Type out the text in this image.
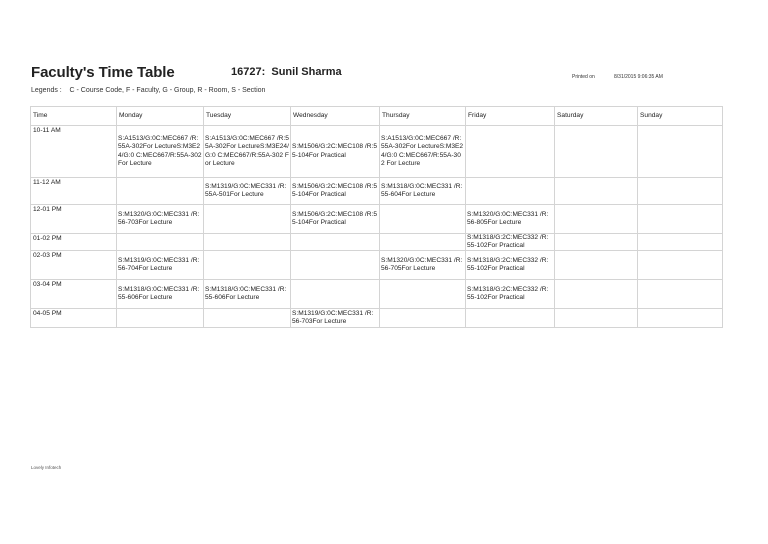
Faculty's Time Table	16727:  Sunil Sharma	Printed on	8/31/2015 9:06:35 AM
Legends :    C - Course Code, F - Faculty, G - Group, R - Room, S - Section
Time	Monday	Tuesday	Wednesday	Thursday	Friday	Saturday	Sunday
10-11 AM	S:A1513/G:0C:MEC667 /R: 55A-302For LectureS:M3E24/G:0 C:MEC667/R:55A-302For Lecture	S:A1513/G:0C:MEC667 /R:55A-302For LectureS:M3E24/G:0 C:MEC667/R:55A-302 For Lecture	S:M1506/G:2C:MEC108 /R:55-104For Practical	S:A1513/G:0C:MEC667 /R:55A-302For LectureS:M3E24/G:0 C:MEC667/R:55A-302 For Lecture			
11-12 AM		S:M1319/G:0C:MEC331 /R:55A-501For Lecture	S:M1506/G:2C:MEC108 /R:55-104For Practical	S:M1318/G:0C:MEC331 /R: 55-604For Lecture			
12-01 PM	S:M1320/G:0C:MEC331 /R:56-703For Lecture		S:M1506/G:2C:MEC108 /R:55-104For Practical		S:M1320/G:0C:MEC331 /R: 56-805For Lecture		
01-02 PM					S:M1318/G:2C:MEC332 /R: 55-102For Practical		
02-03 PM	S:M1319/G:0C:MEC331 /R:56-704For Lecture			S:M1320/G:0C:MEC331 /R:56-705For Lecture	S:M1318/G:2C:MEC332 /R: 55-102For Practical		
03-04 PM	S:M1318/G:0C:MEC331 /R:55-606For Lecture	S:M1318/G:0C:MEC331 /R:55-606For Lecture			S:M1318/G:2C:MEC332 /R: 55-102For Practical		
04-05 PM			S:M1319/G:0C:MEC331 /R: 56-703For Lecture				
Lovely Infotech
